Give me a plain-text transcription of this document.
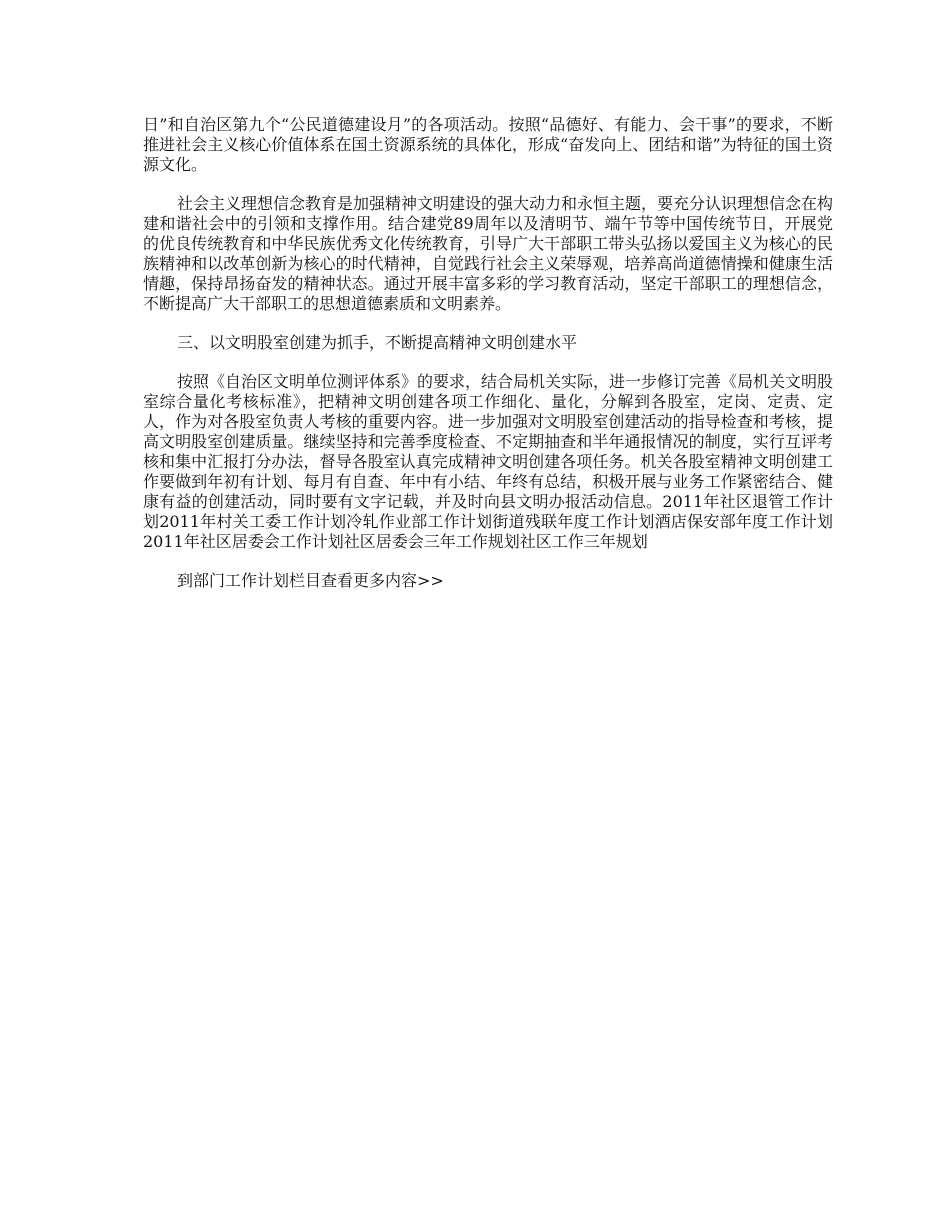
日”和自治区第九个“公民道德建设月”的各项活动。按照“品德好、有能力、会干事”的要求，不断推进社会主义核心价值体系在国土资源系统的具体化，形成“奋发向上、团结和谐”为特征的国土资源文化。

社会主义理想信念教育是加强精神文明建设的强大动力和永恒主题，要充分认识理想信念在构建和谐社会中的引领和支撑作用。结合建党89周年以及清明节、端午节等中国传统节日，开展党的优良传统教育和中华民族优秀文化传统教育，引导广大干部职工带头弘扬以爱国主义为核心的民族精神和以改革创新为核心的时代精神，自觉践行社会主义荣辱观，培养高尚道德情操和健康生活情趣，保持昂扬奋发的精神状态。通过开展丰富多彩的学习教育活动，坚定干部职工的理想信念，不断提高广大干部职工的思想道德素质和文明素养。

三、以文明股室创建为抓手，不断提高精神文明创建水平

按照《自治区文明单位测评体系》的要求，结合局机关实际，进一步修订完善《局机关文明股室综合量化考核标准》，把精神文明创建各项工作细化、量化，分解到各股室，定岗、定责、定人，作为对各股室负责人考核的重要内容。进一步加强对文明股室创建活动的指导检查和考核，提高文明股室创建质量。继续坚持和完善季度检查、不定期抽查和半年通报情况的制度，实行互评考核和集中汇报打分办法，督导各股室认真完成精神文明创建各项任务。机关各股室精神文明创建工作要做到年初有计划、每月有自查、年中有小结、年终有总结，积极开展与业务工作紧密结合、健康有益的创建活动，同时要有文字记载，并及时向县文明办报活动信息。2011年社区退管工作计划2011年村关工委工作计划冷轧作业部工作计划街道残联年度工作计划酒店保安部年度工作计划2011年社区居委会工作计划社区居委会三年工作规划社区工作三年规划

到部门工作计划栏目查看更多内容>>
